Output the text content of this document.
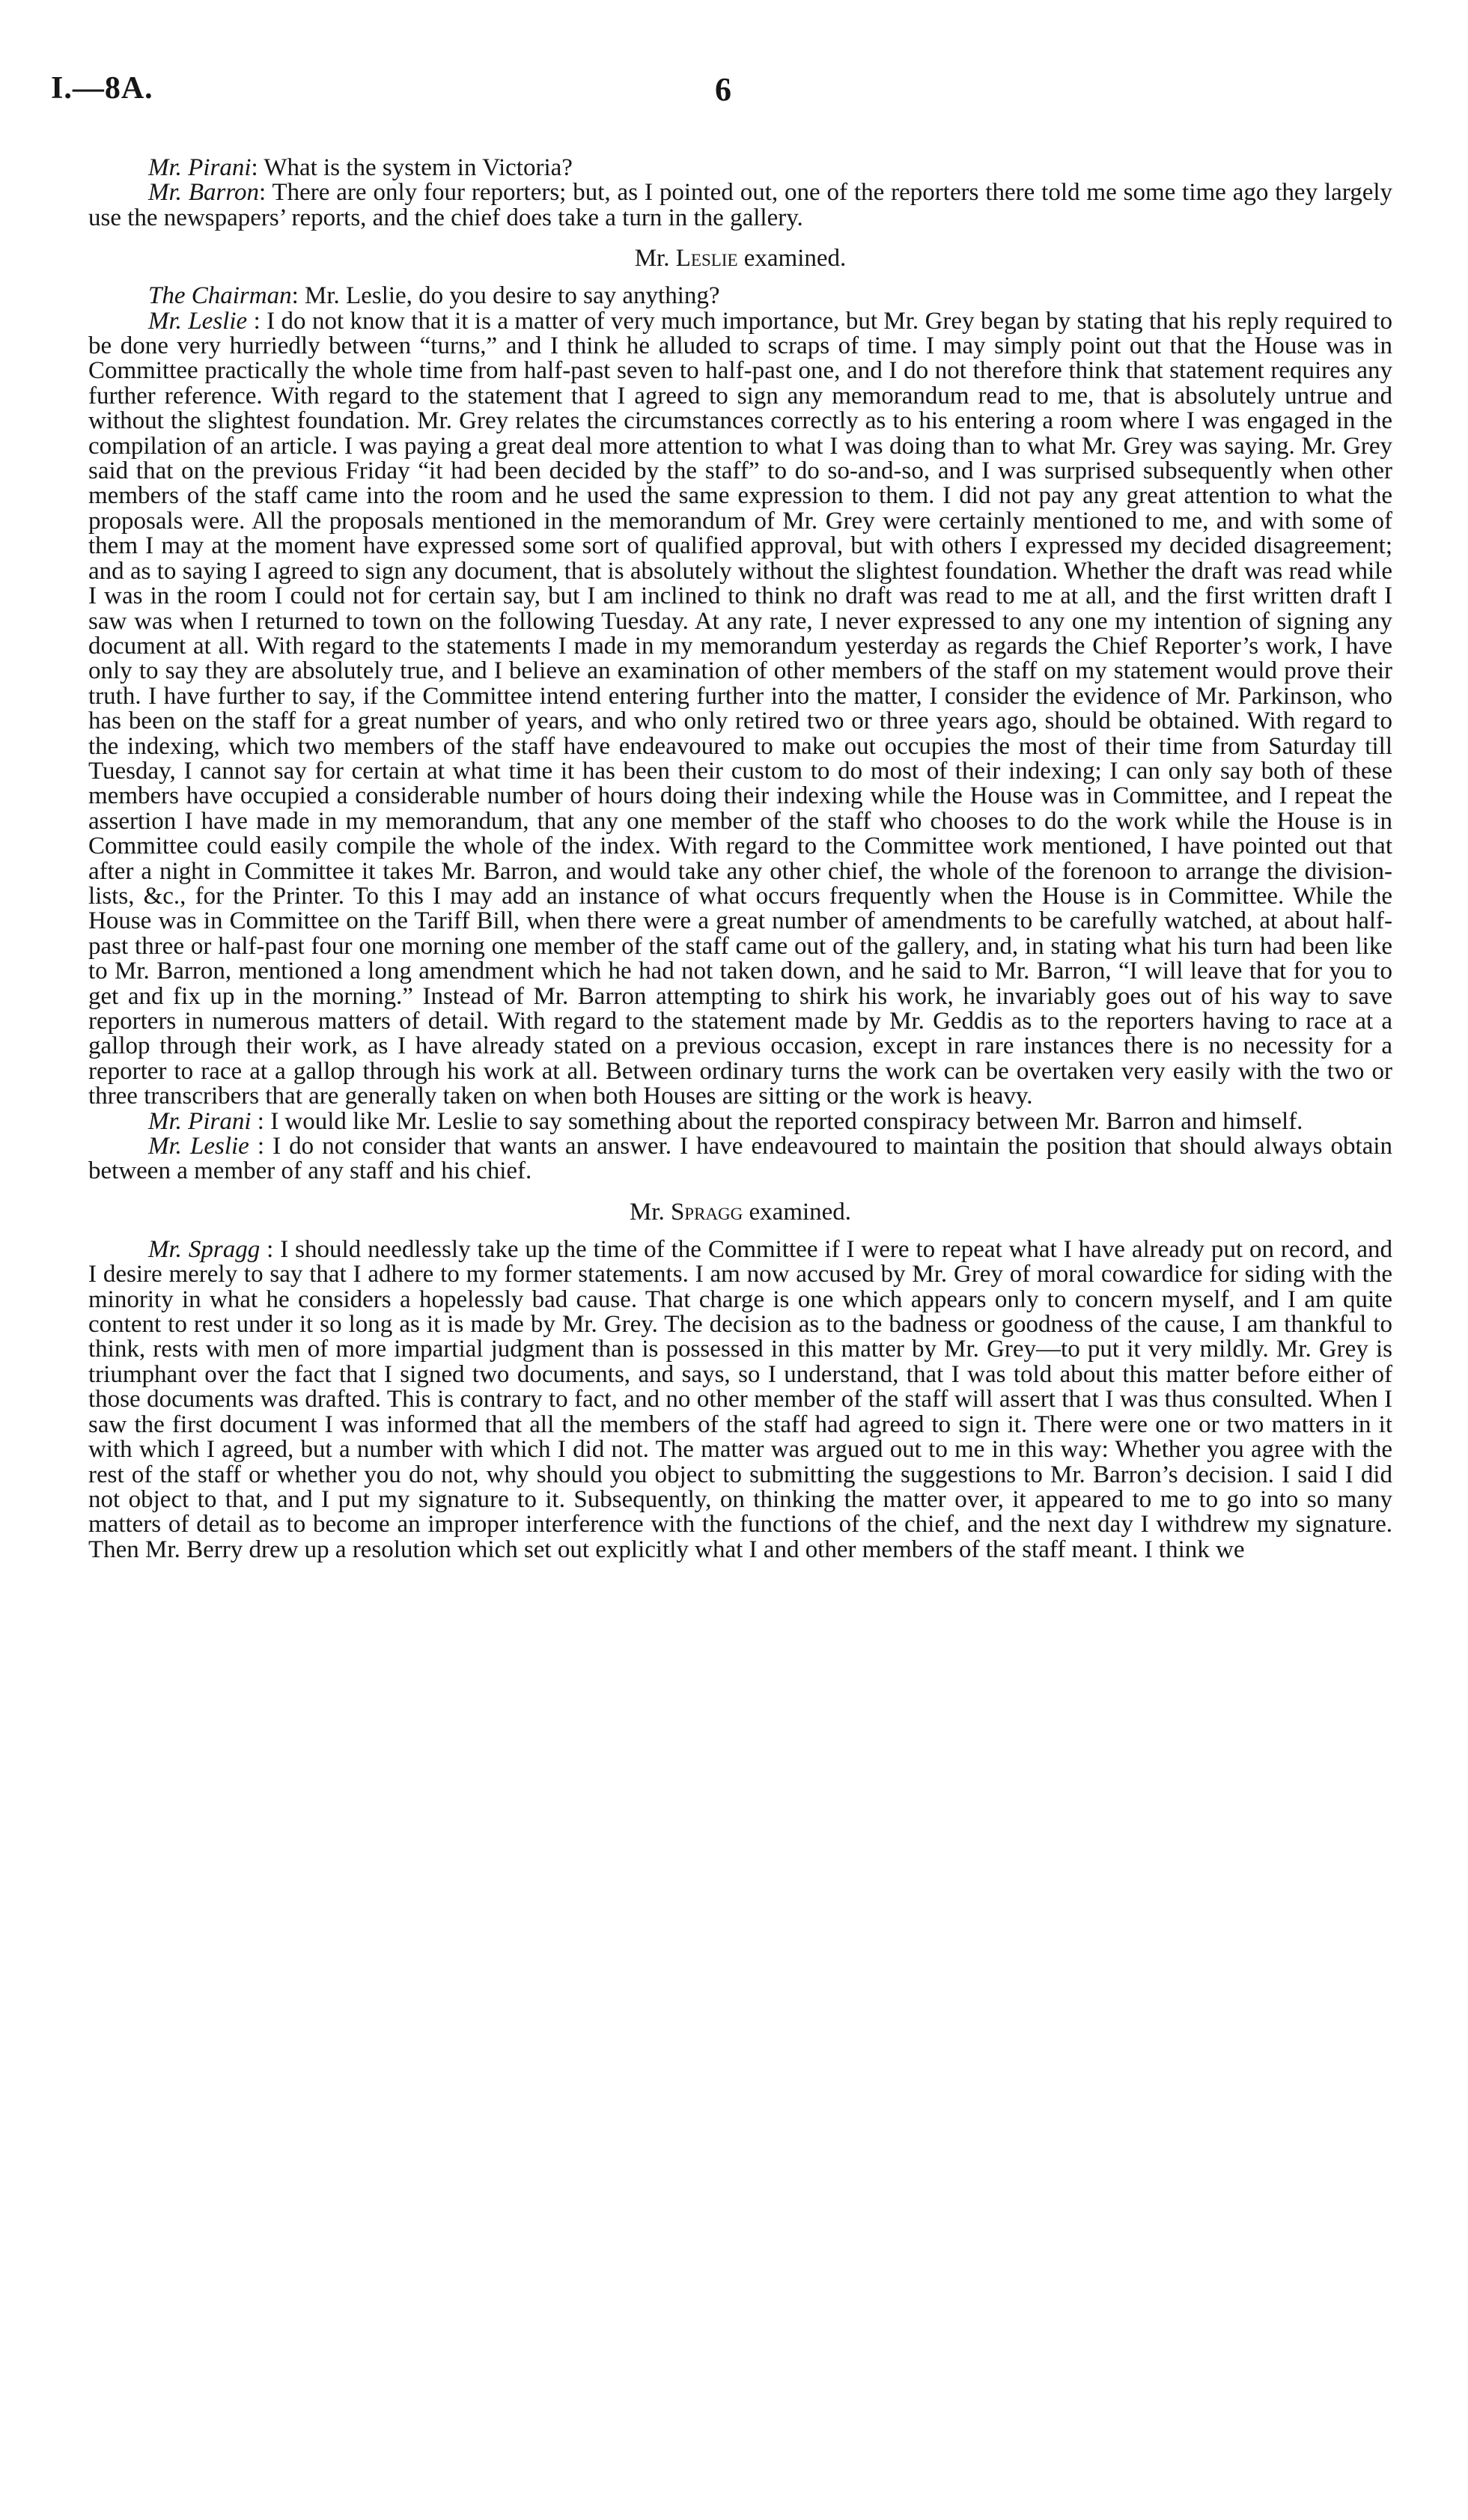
I.—8A.	6

Mr. Pirani: What is the system in Victoria?

Mr. Barron: There are only four reporters; but, as I pointed out, one of the reporters there told me some time ago they largely use the newspapers’ reports, and the chief does take a turn in the gallery.

Mr. Leslie examined.

The Chairman: Mr. Leslie, do you desire to say anything?

Mr. Leslie : I do not know that it is a matter of very much importance, but Mr. Grey began by stating that his reply required to be done very hurriedly between “turns,” and I think he alluded to scraps of time. I may simply point out that the House was in Committee practically the whole time from half-past seven to half-past one, and I do not therefore think that statement requires any further reference. With regard to the statement that I agreed to sign any memorandum read to me, that is absolutely untrue and without the slightest foundation. Mr. Grey relates the circumstances correctly as to his entering a room where I was engaged in the compilation of an article. I was paying a great deal more attention to what I was doing than to what Mr. Grey was saying. Mr. Grey said that on the previous Friday “it had been decided by the staff” to do so-and-so, and I was surprised subsequently when other members of the staff came into the room and he used the same expression to them. I did not pay any great attention to what the proposals were. All the proposals mentioned in the memorandum of Mr. Grey were certainly mentioned to me, and with some of them I may at the moment have expressed some sort of qualified approval, but with others I expressed my decided disagreement; and as to saying I agreed to sign any document, that is absolutely without the slightest foundation. Whether the draft was read while I was in the room I could not for certain say, but I am inclined to think no draft was read to me at all, and the first written draft I saw was when I returned to town on the following Tuesday. At any rate, I never expressed to any one my intention of signing any document at all. With regard to the statements I made in my memorandum yesterday as regards the Chief Reporter’s work, I have only to say they are absolutely true, and I believe an examination of other members of the staff on my statement would prove their truth. I have further to say, if the Committee intend entering further into the matter, I consider the evidence of Mr. Parkinson, who has been on the staff for a great number of years, and who only retired two or three years ago, should be obtained. With regard to the indexing, which two members of the staff have endeavoured to make out occupies the most of their time from Saturday till Tuesday, I cannot say for certain at what time it has been their custom to do most of their indexing; I can only say both of these members have occupied a considerable number of hours doing their indexing while the House was in Committee, and I repeat the assertion I have made in my memorandum, that any one member of the staff who chooses to do the work while the House is in Committee could easily compile the whole of the index. With regard to the Committee work mentioned, I have pointed out that after a night in Committee it takes Mr. Barron, and would take any other chief, the whole of the forenoon to arrange the division-lists, &c., for the Printer. To this I may add an instance of what occurs frequently when the House is in Committee. While the House was in Committee on the Tariff Bill, when there were a great number of amendments to be carefully watched, at about half-past three or half-past four one morning one member of the staff came out of the gallery, and, in stating what his turn had been like to Mr. Barron, mentioned a long amendment which he had not taken down, and he said to Mr. Barron, “I will leave that for you to get and fix up in the morning.” Instead of Mr. Barron attempting to shirk his work, he invariably goes out of his way to save reporters in numerous matters of detail. With regard to the statement made by Mr. Geddis as to the reporters having to race at a gallop through their work, as I have already stated on a previous occasion, except in rare instances there is no necessity for a reporter to race at a gallop through his work at all. Between ordinary turns the work can be overtaken very easily with the two or three transcribers that are generally taken on when both Houses are sitting or the work is heavy.

Mr. Pirani : I would like Mr. Leslie to say something about the reported conspiracy between Mr. Barron and himself.

Mr. Leslie : I do not consider that wants an answer. I have endeavoured to maintain the position that should always obtain between a member of any staff and his chief.

Mr. Spragg examined.

Mr. Spragg : I should needlessly take up the time of the Committee if I were to repeat what I have already put on record, and I desire merely to say that I adhere to my former statements. I am now accused by Mr. Grey of moral cowardice for siding with the minority in what he considers a hopelessly bad cause. That charge is one which appears only to concern myself, and I am quite content to rest under it so long as it is made by Mr. Grey. The decision as to the badness or goodness of the cause, I am thankful to think, rests with men of more impartial judgment than is possessed in this matter by Mr. Grey—to put it very mildly. Mr. Grey is triumphant over the fact that I signed two documents, and says, so I understand, that I was told about this matter before either of those documents was drafted. This is contrary to fact, and no other member of the staff will assert that I was thus consulted. When I saw the first document I was informed that all the members of the staff had agreed to sign it. There were one or two matters in it with which I agreed, but a number with which I did not. The matter was argued out to me in this way: Whether you agree with the rest of the staff or whether you do not, why should you object to submitting the suggestions to Mr. Barron’s decision. I said I did not object to that, and I put my signature to it. Subsequently, on thinking the matter over, it appeared to me to go into so many matters of detail as to become an improper interference with the functions of the chief, and the next day I withdrew my signature. Then Mr. Berry drew up a resolution which set out explicitly what I and other members of the staff meant. I think we
